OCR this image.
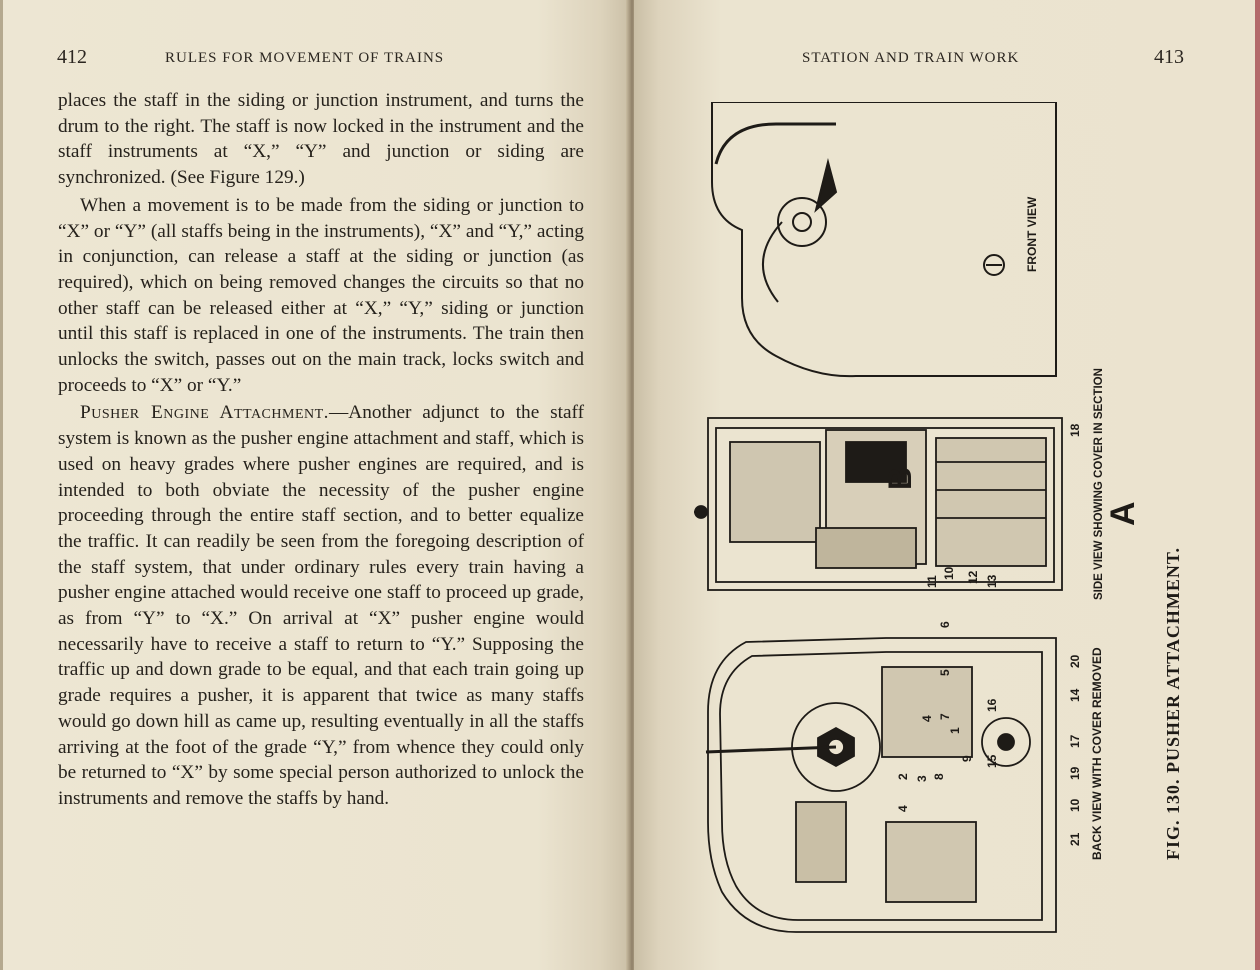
412	RULES FOR MOVEMENT OF TRAINS

places the staff in the siding or junction instrument, and turns the drum to the right. The staff is now locked in the instrument and the staff instruments at “X,” “Y” and junction or siding are synchronized. (See Figure 129.)

When a movement is to be made from the siding or junction to “X” or “Y” (all staffs being in the instruments), “X” and “Y,” acting in conjunction, can release a staff at the siding or junction (as required), which on being removed changes the circuits so that no other staff can be released either at “X,” “Y,” siding or junction until this staff is replaced in one of the instruments. The train then unlocks the switch, passes out on the main track, locks switch and proceeds to “X” or “Y.”

Pusher Engine Attachment.—Another adjunct to the staff system is known as the pusher engine attachment and staff, which is used on heavy grades where pusher engines are required, and is intended to both obviate the necessity of the pusher engine proceeding through the entire staff section, and to better equalize the traffic. It can readily be seen from the foregoing description of the staff system, that under ordinary rules every train having a pusher engine attached would receive one staff to proceed up grade, as from “Y” to “X.” On arrival at “X” pusher engine would necessarily have to receive a staff to return to “Y.” Supposing the traffic up and down grade to be equal, and that each train going up grade requires a pusher, it is apparent that twice as many staffs would go down hill as came up, resulting eventually in all the staffs arriving at the foot of the grade “Y,” from whence they could only be returned to “X” by some special person authorized to unlock the instruments and remove the staffs by hand.

STATION AND TRAIN WORK	413
FRONT VIEW
SIDE VIEW SHOWING COVER IN SECTION
BACK VIEW WITH COVER REMOVED
A
B
FIG. 130. PUSHER ATTACHMENT.
11
10 12 13
18
6
5
7
4
1
9
3 8
2
4
20
14
16
15
17
19
10
21
